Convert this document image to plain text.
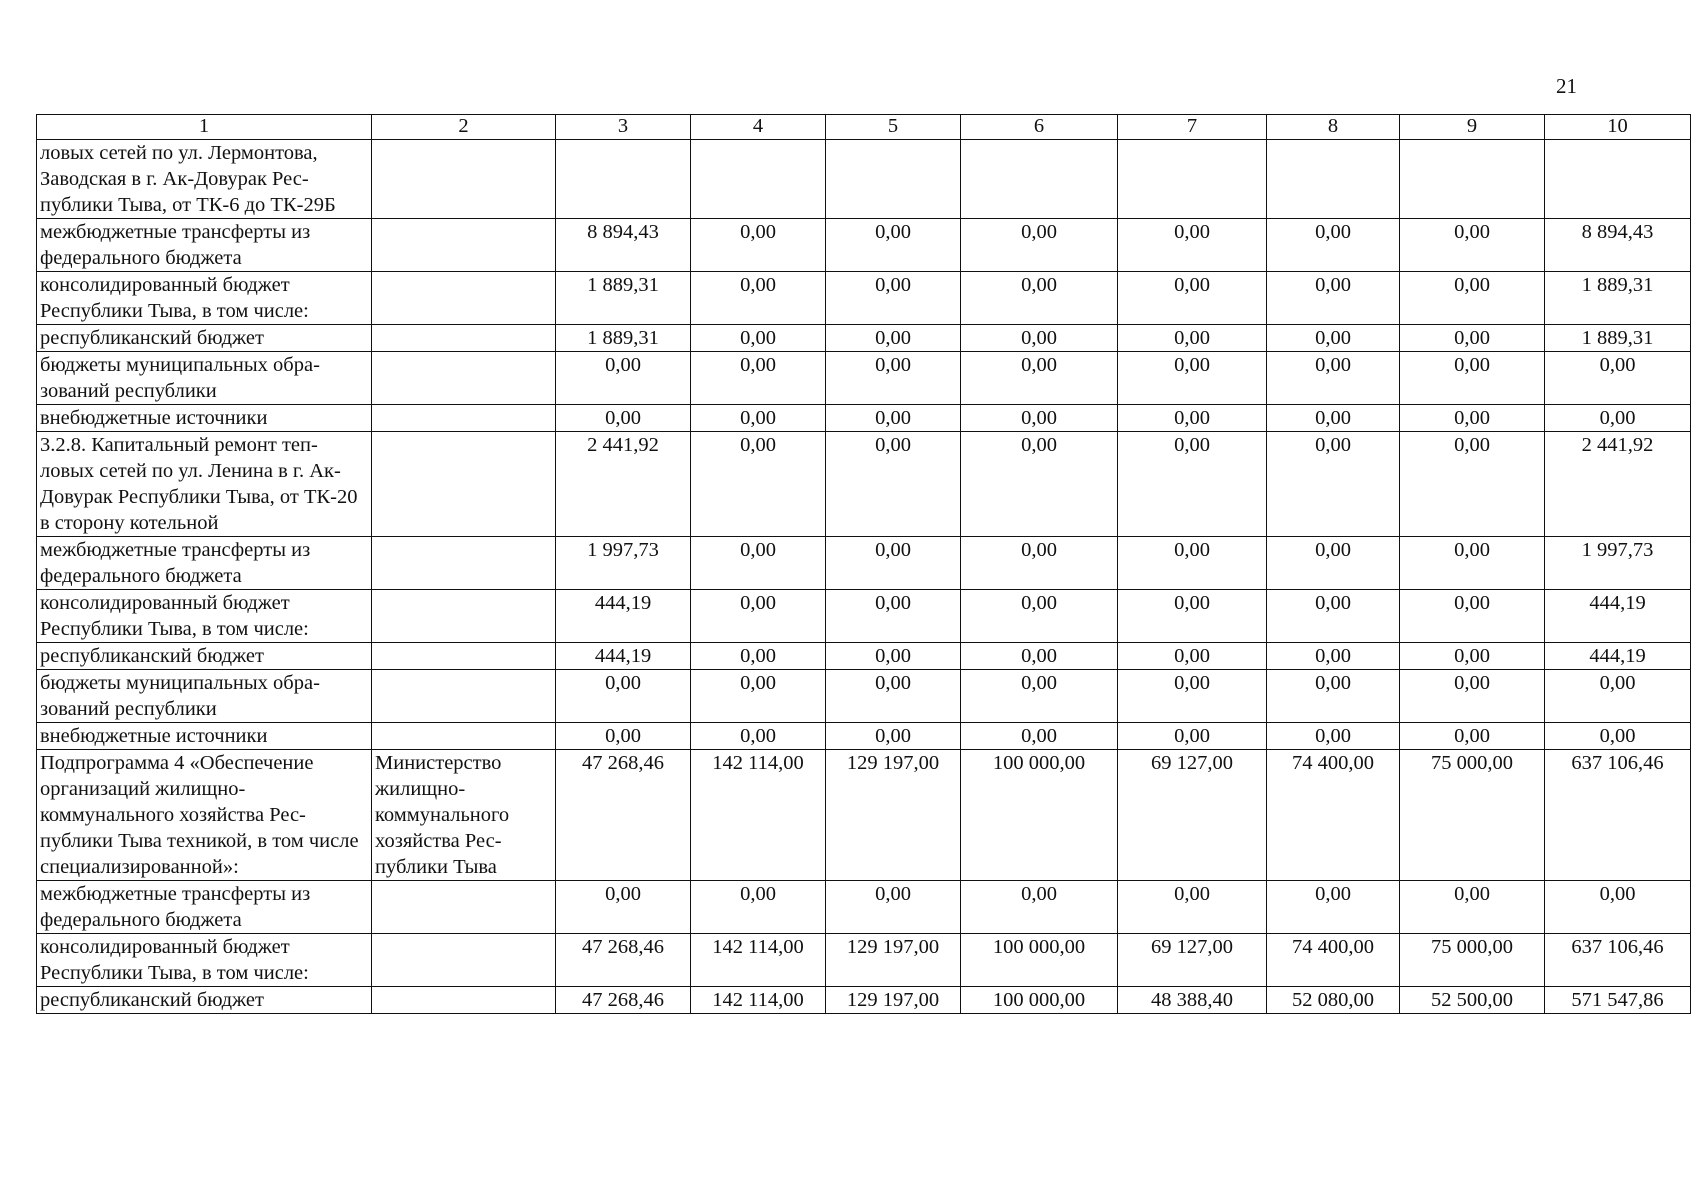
21
1	2	3	4	5	6	7	8	9	10
ловых сетей по ул. Лермонтова, Заводская в г. Ак-Довурак Рес-публики Тыва, от ТК-6 до ТК-29Б									
межбюджетные трансферты из федерального бюджета		8 894,43	0,00	0,00	0,00	0,00	0,00	0,00	8 894,43
консолидированный бюджет Республики Тыва, в том числе:		1 889,31	0,00	0,00	0,00	0,00	0,00	0,00	1 889,31
республиканский бюджет		1 889,31	0,00	0,00	0,00	0,00	0,00	0,00	1 889,31
бюджеты муниципальных обра-зований республики		0,00	0,00	0,00	0,00	0,00	0,00	0,00	0,00
внебюджетные источники		0,00	0,00	0,00	0,00	0,00	0,00	0,00	0,00
3.2.8. Капитальный ремонт теп-ловых сетей по ул. Ленина в г. Ак-Довурак Республики Тыва, от ТК-20 в сторону котельной		2 441,92	0,00	0,00	0,00	0,00	0,00	0,00	2 441,92
межбюджетные трансферты из федерального бюджета		1 997,73	0,00	0,00	0,00	0,00	0,00	0,00	1 997,73
консолидированный бюджет Республики Тыва, в том числе:		444,19	0,00	0,00	0,00	0,00	0,00	0,00	444,19
республиканский бюджет		444,19	0,00	0,00	0,00	0,00	0,00	0,00	444,19
бюджеты муниципальных обра-зований республики		0,00	0,00	0,00	0,00	0,00	0,00	0,00	0,00
внебюджетные источники		0,00	0,00	0,00	0,00	0,00	0,00	0,00	0,00
Подпрограмма 4 «Обеспечение организаций жилищно-коммунального хозяйства Рес-публики Тыва техникой, в том числе специализированной»:	Министерство жилищно-коммунального хозяйства Рес-публики Тыва	47 268,46	142 114,00	129 197,00	100 000,00	69 127,00	74 400,00	75 000,00	637 106,46
межбюджетные трансферты из федерального бюджета		0,00	0,00	0,00	0,00	0,00	0,00	0,00	0,00
консолидированный бюджет Республики Тыва, в том числе:		47 268,46	142 114,00	129 197,00	100 000,00	69 127,00	74 400,00	75 000,00	637 106,46
республиканский бюджет		47 268,46	142 114,00	129 197,00	100 000,00	48 388,40	52 080,00	52 500,00	571 547,86
